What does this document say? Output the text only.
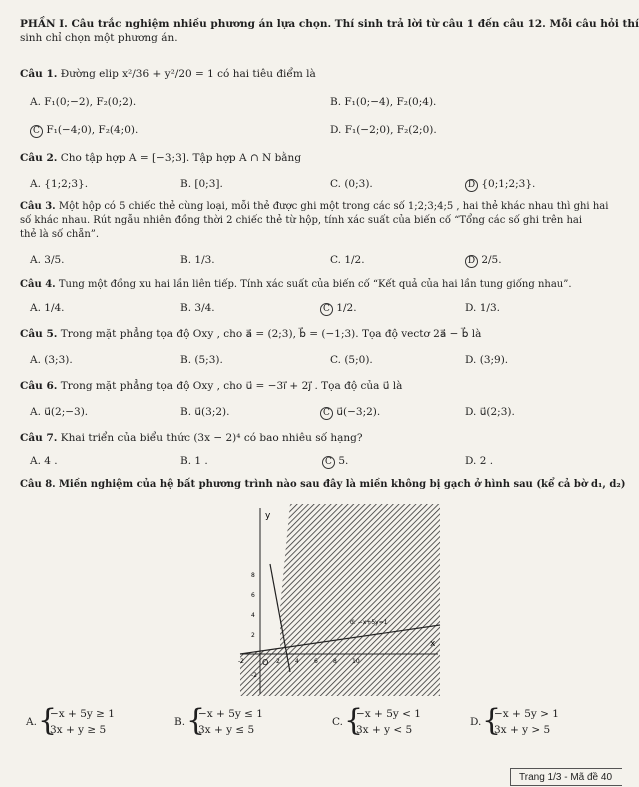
PHẦN I. Câu trắc nghiệm nhiều phương án lựa chọn. Thí sinh trả lời từ câu 1 đến câu 12. Mỗi câu hỏi thí
sinh chỉ chọn một phương án.
Câu 1. Đường elip x²/36 + y²/20 = 1 có hai tiêu điểm là
A. F₁(0;−2), F₂(0;2).	B. F₁(0;−4), F₂(0;4).
C F₁(−4;0), F₂(4;0).	D. F₁(−2;0), F₂(2;0).
Câu 2. Cho tập hợp A = [−3;3]. Tập hợp A ∩ N bằng
A. {1;2;3}.	B. [0;3].	C. (0;3).	D {0;1;2;3}.
Câu 3. Một hộp có 5 chiếc thẻ cùng loại, mỗi thẻ được ghi một trong các số 1;2;3;4;5 , hai thẻ khác nhau thì ghi hai
số khác nhau. Rút ngẫu nhiên đồng thời 2 chiếc thẻ từ hộp, tính xác suất của biến cố “Tổng các số ghi trên hai
thẻ là số chẵn”.
A. 3/5.	B. 1/3.	C. 1/2.	D 2/5.
Câu 4. Tung một đồng xu hai lần liên tiếp. Tính xác suất của biến cố “Kết quả của hai lần tung giống nhau”.
A. 1/4.	B. 3/4.	C 1/2.	D. 1/3.
Câu 5. Trong mặt phẳng tọa độ Oxy , cho a⃗ = (2;3), b⃗ = (−1;3). Tọa độ vectơ 2a⃗ − b⃗ là
A. (3;3).	B. (5;3).	C. (5;0).	D. (3;9).
Câu 6. Trong mặt phẳng tọa độ Oxy , cho u⃗ = −3i⃗ + 2j⃗ . Tọa độ của u⃗ là
A. u⃗(2;−3).	B. u⃗(3;2).	C u⃗(−3;2).	D. u⃗(2;3).
Câu 7. Khai triển của biểu thức (3x − 2)⁴ có bao nhiêu số hạng?
A. 4 .	B. 1 .	C 5.	D. 2 .
Câu 8. Miền nghiệm của hệ bất phương trình nào sau đây là miền không bị gạch ở hình sau (kể cả bờ d₁, d₂)
y
x
O
d: −x+5y=1
8
6
4
2
-2
-2	2	4	6	8	10
A. {
−x + 5y ≥ 1
3x + y ≥ 5
B. {
−x + 5y ≤ 1
3x + y ≤ 5
C. {
−x + 5y < 1
3x + y < 5
D. {
−x + 5y > 1
3x + y > 5
Trang 1/3 - Mã đề 40
